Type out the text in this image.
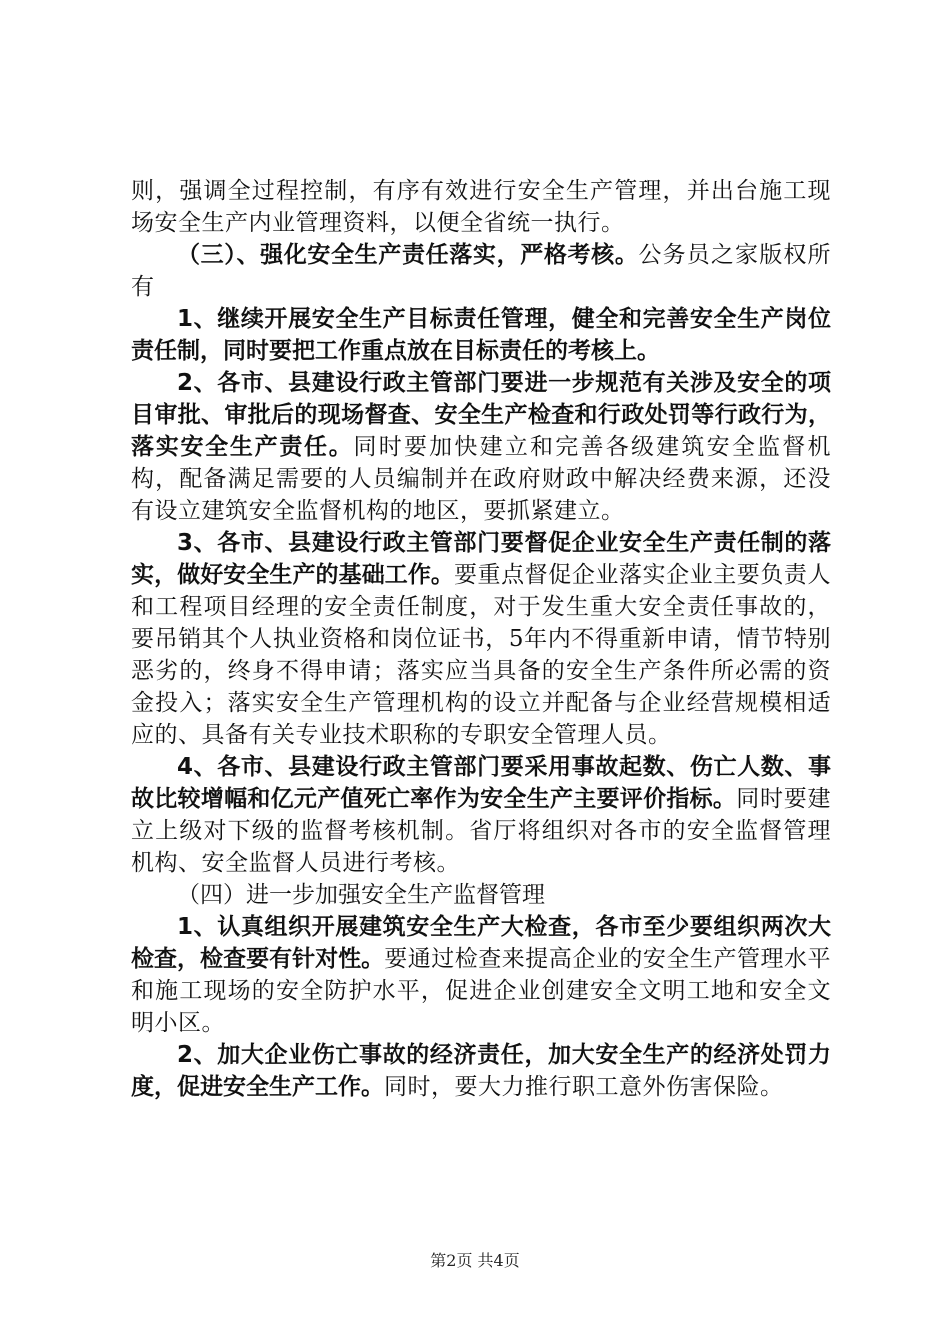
则，强调全过程控制，有序有效进行安全生产管理，并出台施工现场安全生产内业管理资料，以便全省统一执行。

（三）、强化安全生产责任落实，严格考核。公务员之家版权所有

1、继续开展安全生产目标责任管理，健全和完善安全生产岗位责任制，同时要把工作重点放在目标责任的考核上。

2、各市、县建设行政主管部门要进一步规范有关涉及安全的项目审批、审批后的现场督查、安全生产检查和行政处罚等行政行为，落实安全生产责任。同时要加快建立和完善各级建筑安全监督机构，配备满足需要的人员编制并在政府财政中解决经费来源，还没有设立建筑安全监督机构的地区，要抓紧建立。

3、各市、县建设行政主管部门要督促企业安全生产责任制的落实，做好安全生产的基础工作。要重点督促企业落实企业主要负责人和工程项目经理的安全责任制度，对于发生重大安全责任事故的，要吊销其个人执业资格和岗位证书，5年内不得重新申请，情节特别恶劣的，终身不得申请；落实应当具备的安全生产条件所必需的资金投入；落实安全生产管理机构的设立并配备与企业经营规模相适应的、具备有关专业技术职称的专职安全管理人员。

4、各市、县建设行政主管部门要采用事故起数、伤亡人数、事故比较增幅和亿元产值死亡率作为安全生产主要评价指标。同时要建立上级对下级的监督考核机制。省厅将组织对各市的安全监督管理机构、安全监督人员进行考核。

（四）进一步加强安全生产监督管理

1、认真组织开展建筑安全生产大检查，各市至少要组织两次大检查，检查要有针对性。要通过检查来提高企业的安全生产管理水平和施工现场的安全防护水平，促进企业创建安全文明工地和安全文明小区。

2、加大企业伤亡事故的经济责任，加大安全生产的经济处罚力度，促进安全生产工作。同时，要大力推行职工意外伤害保险。

第2页 共4页
